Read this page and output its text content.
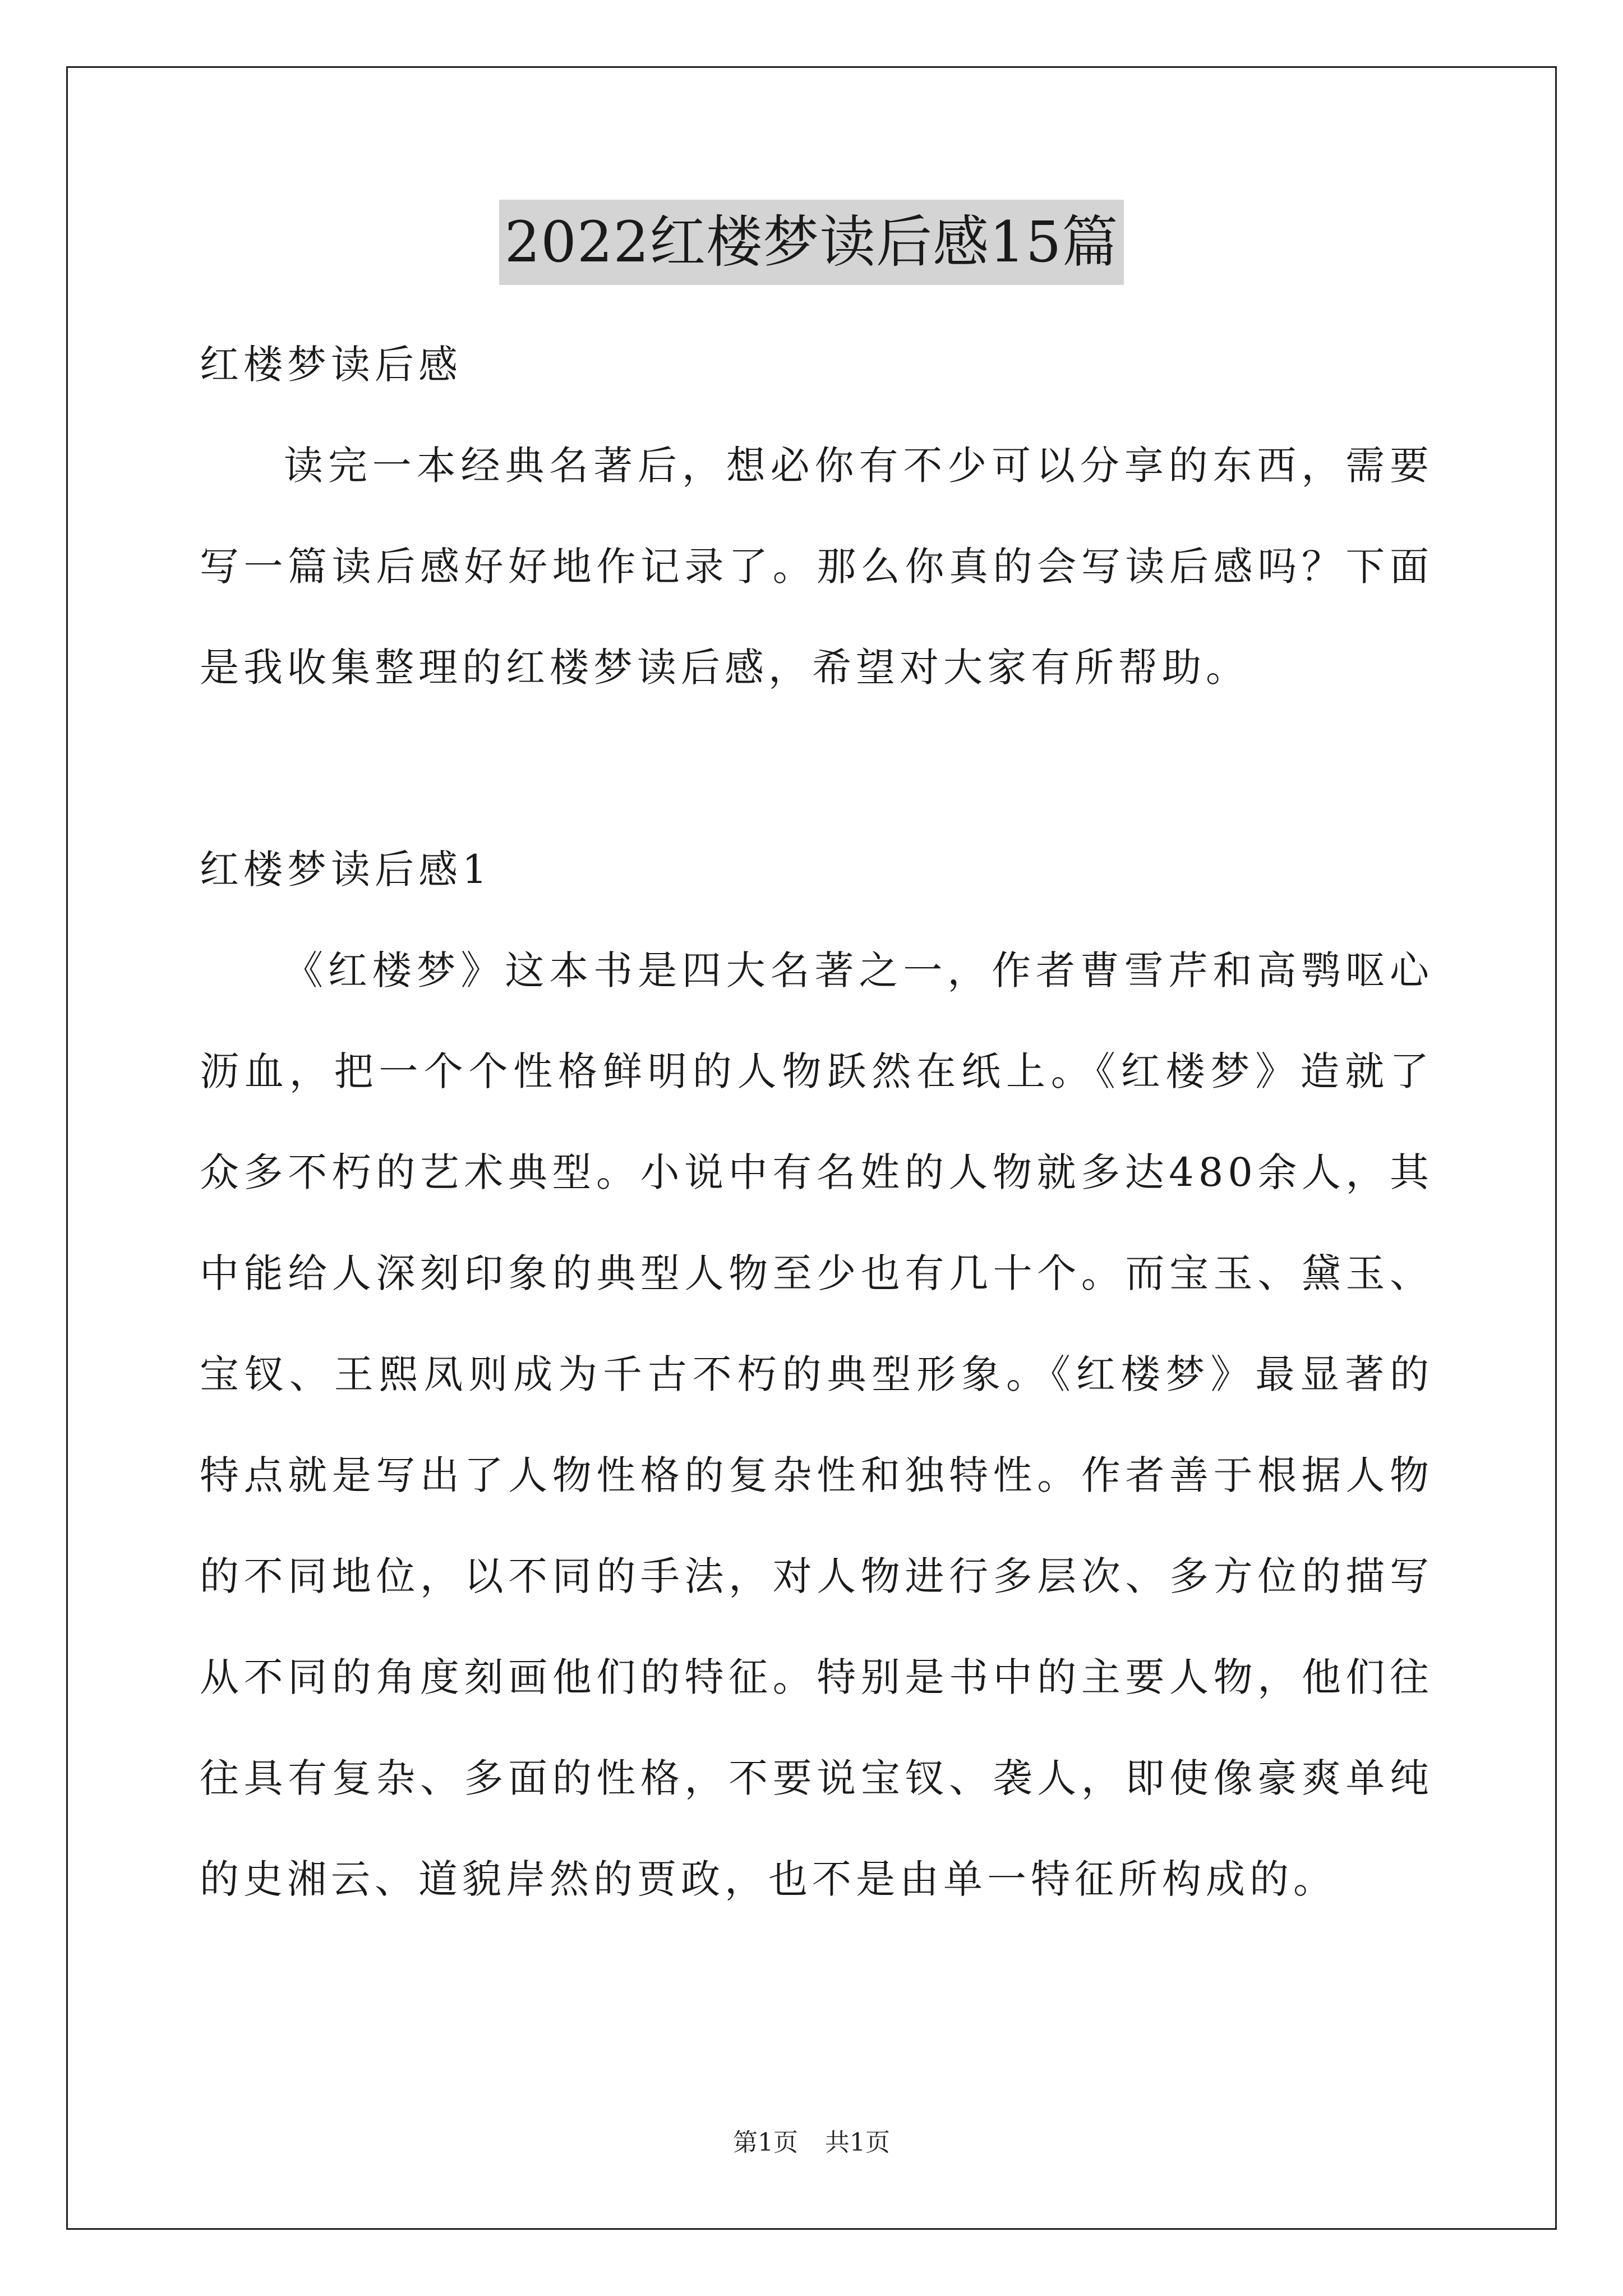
2022红楼梦读后感15篇

红楼梦读后感

读完一本经典名著后，想必你有不少可以分享的东西，需要写一篇读后感好好地作记录了。那么你真的会写读后感吗？下面是我收集整理的红楼梦读后感，希望对大家有所帮助。

红楼梦读后感1

《红楼梦》这本书是四大名著之一，作者曹雪芹和高鹗呕心沥血，把一个个性格鲜明的人物跃然在纸上。《红楼梦》造就了众多不朽的艺术典型。小说中有名姓的人物就多达480余人，其中能给人深刻印象的典型人物至少也有几十个。而宝玉、黛玉、宝钗、王熙凤则成为千古不朽的典型形象。《红楼梦》最显著的特点就是写出了人物性格的复杂性和独特性。作者善于根据人物的不同地位，以不同的手法，对人物进行多层次、多方位的描写从不同的角度刻画他们的特征。特别是书中的主要人物，他们往往具有复杂、多面的性格，不要说宝钗、袭人，即使像豪爽单纯的史湘云、道貌岸然的贾政，也不是由单一特征所构成的。

第1页 共1页
